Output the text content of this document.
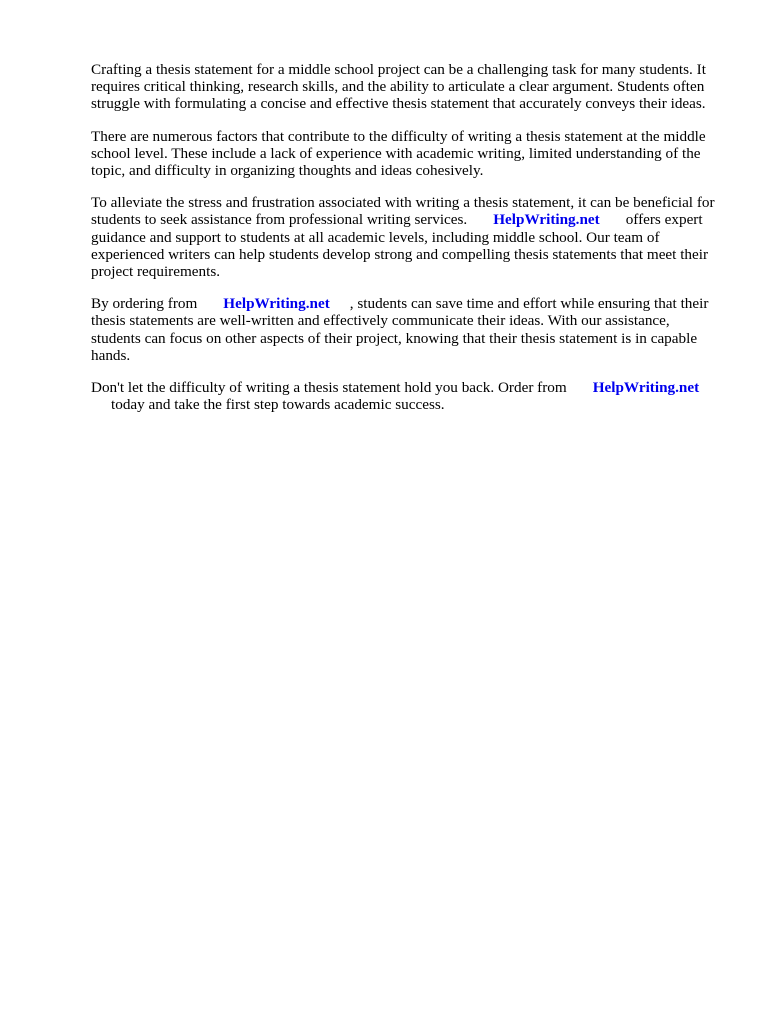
Crafting a thesis statement for a middle school project can be a challenging task for many students. It requires critical thinking, research skills, and the ability to articulate a clear argument. Students often struggle with formulating a concise and effective thesis statement that accurately conveys their ideas.

There are numerous factors that contribute to the difficulty of writing a thesis statement at the middle school level. These include a lack of experience with academic writing, limited understanding of the topic, and difficulty in organizing thoughts and ideas cohesively.

To alleviate the stress and frustration associated with writing a thesis statement, it can be beneficial for students to seek assistance from professional writing services. HelpWriting.net offers expert guidance and support to students at all academic levels, including middle school. Our team of experienced writers can help students develop strong and compelling thesis statements that meet their project requirements.

By ordering from HelpWriting.net , students can save time and effort while ensuring that their thesis statements are well-written and effectively communicate their ideas. With our assistance, students can focus on other aspects of their project, knowing that their thesis statement is in capable hands.

Don't let the difficulty of writing a thesis statement hold you back. Order from HelpWriting.net
today and take the first step towards academic success.
